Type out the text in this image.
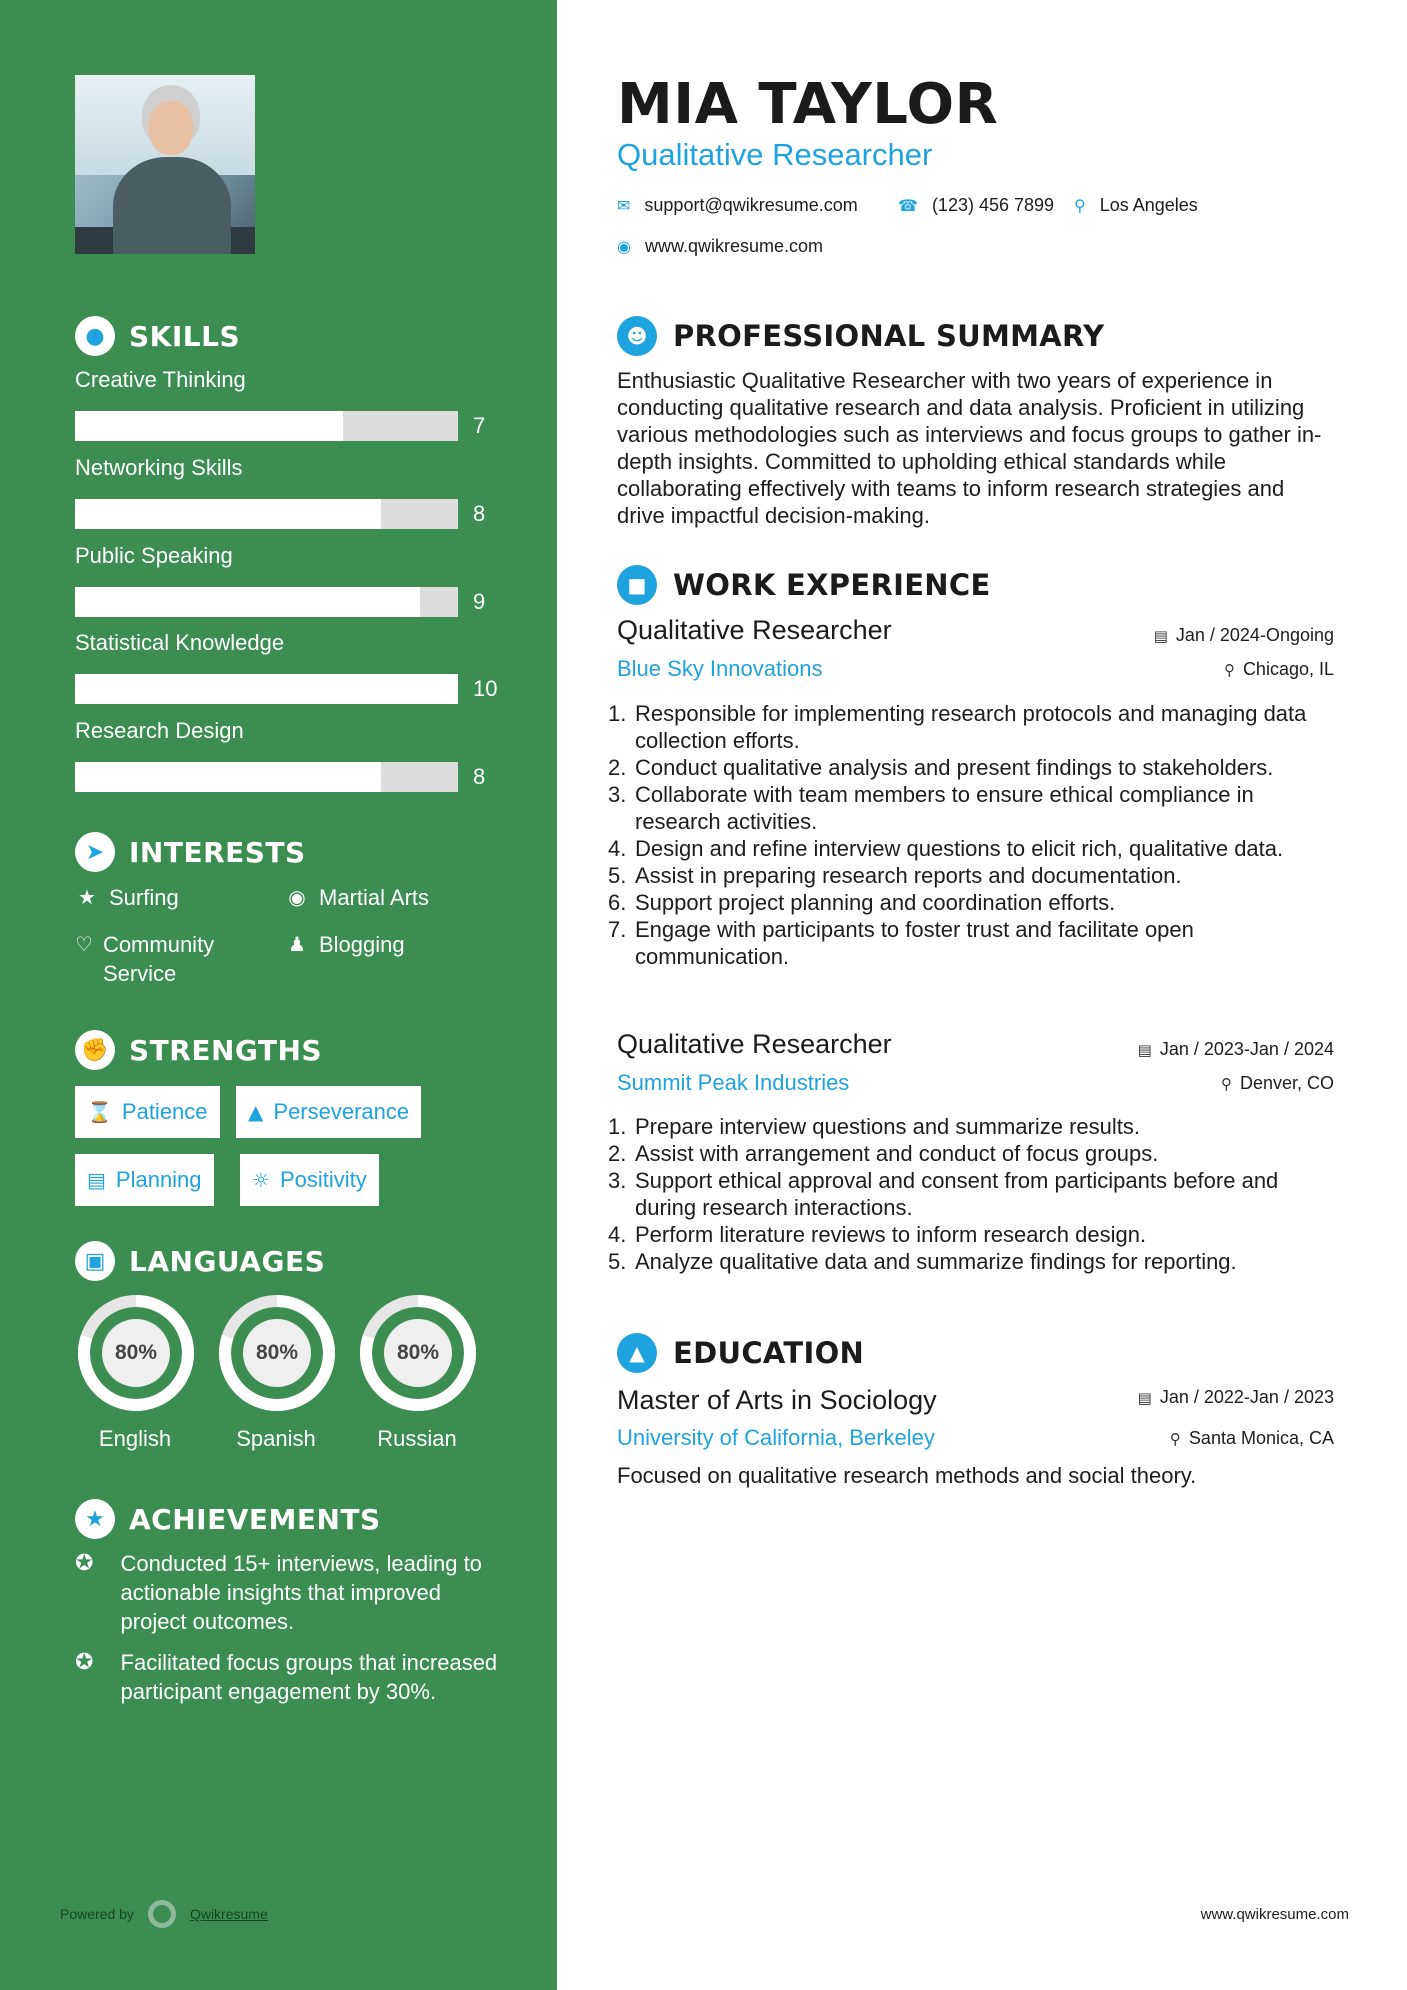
● SKILLS
Creative Thinking
7
Networking Skills
8
Public Speaking
9
Statistical Knowledge
10
Research Design
8
➤ INTERESTS
★ Surfing	◉ Martial Arts
♡ Community Service
♟ Blogging
✊ STRENGTHS
⌛ Patience ▲ Perseverance
▤ Planning	☼ Positivity
▣ LANGUAGES
80%
English
80%
Spanish
80%
Russian
★ ACHIEVEMENTS
✪	Conducted 15+ interviews, leading to actionable insights that improved project outcomes.
✪	Facilitated focus groups that increased participant engagement by 30%.
Powered by	Qwikresume
MIA TAYLOR
Qualitative Researcher
✉ support@qwikresume.com	☎ (123) 456 7899 ⚲ Los Angeles
◉ www.qwikresume.com
☻ PROFESSIONAL SUMMARY

Enthusiastic Qualitative Researcher with two years of experience in conducting qualitative research and data analysis. Proficient in utilizing various methodologies such as interviews and focus groups to gather in-depth insights. Committed to upholding ethical standards while collaborating effectively with teams to inform research strategies and drive impactful decision-making.

■ WORK EXPERIENCE
Qualitative Researcher	▤ Jan / 2024-Ongoing
Blue Sky Innovations	⚲ Chicago, IL
1. Responsible for implementing research protocols and managing data collection efforts.
2. Conduct qualitative analysis and present findings to stakeholders.
3. Collaborate with team members to ensure ethical compliance in research activities.
4. Design and refine interview questions to elicit rich, qualitative data.
5. Assist in preparing research reports and documentation.
6. Support project planning and coordination efforts.
7. Engage with participants to foster trust and facilitate open communication.
Qualitative Researcher	▤ Jan / 2023-Jan / 2024
Summit Peak Industries	⚲ Denver, CO
1. Prepare interview questions and summarize results.
2. Assist with arrangement and conduct of focus groups.
3. Support ethical approval and consent from participants before and during research interactions.
4. Perform literature reviews to inform research design.
5. Analyze qualitative data and summarize findings for reporting.
▲ EDUCATION
Master of Arts in Sociology	▤ Jan / 2022-Jan / 2023
University of California, Berkeley	⚲ Santa Monica, CA
Focused on qualitative research methods and social theory.
www.qwikresume.com
